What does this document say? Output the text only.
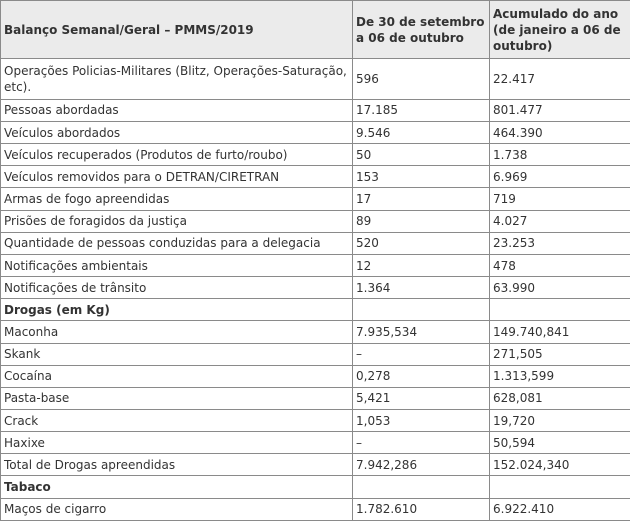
Balanço Semanal/Geral – PMMS/2019	De 30 de setembro a 06 de outubro	Acumulado do ano (de janeiro a 06 de outubro)
Operações Policias-Militares (Blitz, Operações-Saturação, etc).	596	22.417
Pessoas abordadas	17.185	801.477
Veículos abordados	9.546	464.390
Veículos recuperados (Produtos de furto/roubo)	50	1.738
Veículos removidos para o DETRAN/CIRETRAN	153	6.969
Armas de fogo apreendidas	17	719
Prisões de foragidos da justiça	89	4.027
Quantidade de pessoas conduzidas para a delegacia	520	23.253
Notificações ambientais	12	478
Notificações de trânsito	1.364	63.990
Drogas (em Kg)		
Maconha	7.935,534	149.740,841
Skank	–	271,505
Cocaína	0,278	1.313,599
Pasta-base	5,421	628,081
Crack	1,053	19,720
Haxixe	–	50,594
Total de Drogas apreendidas	7.942,286	152.024,340
Tabaco		
Maços de cigarro	1.782.610	6.922.410
